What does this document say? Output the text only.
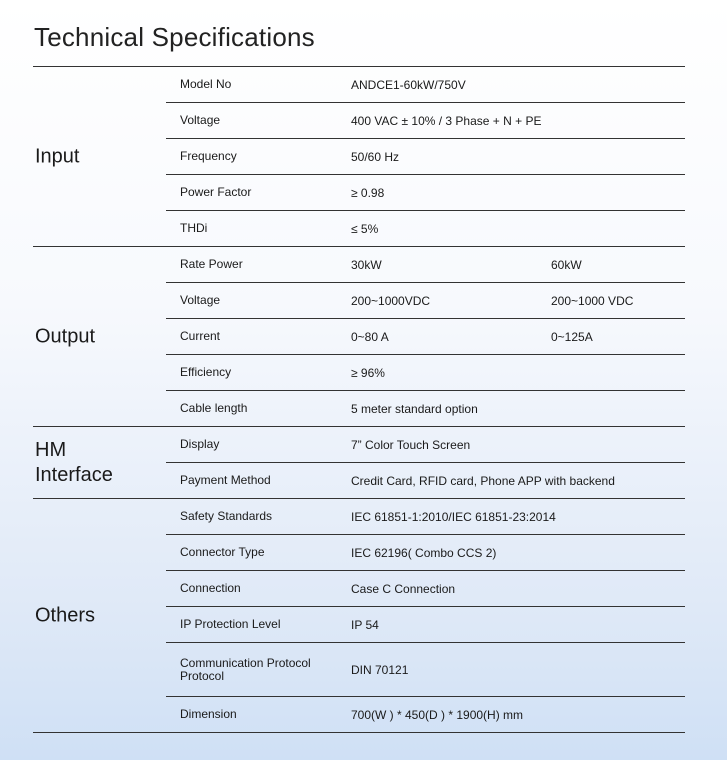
Technical Specifications
Input
Model No	ANDCE1-60kW/750V
Voltage	400 VAC ± 10% / 3 Phase + N + PE
Frequency	50/60 Hz
Power Factor	≥ 0.98
THDi	≤ 5%
Output
Rate Power	30kW	60kW
Voltage	200~1000VDC	200~1000 VDC
Current	0~80 A	0~125A
Efficiency	≥ 96%
Cable length	5 meter standard option
HM
Interface
Display	7” Color Touch Screen
Payment Method	Credit Card, RFID card, Phone APP with backend
Others
Safety Standards	IEC 61851-1:2010/IEC 61851-23:2014
Connector Type	IEC 62196( Combo CCS 2)
Connection	Case C Connection
IP Protection Level	IP 54
Communication Protocol
Protocol	DIN 70121
Dimension	700(W ) * 450(D ) * 1900(H) mm
